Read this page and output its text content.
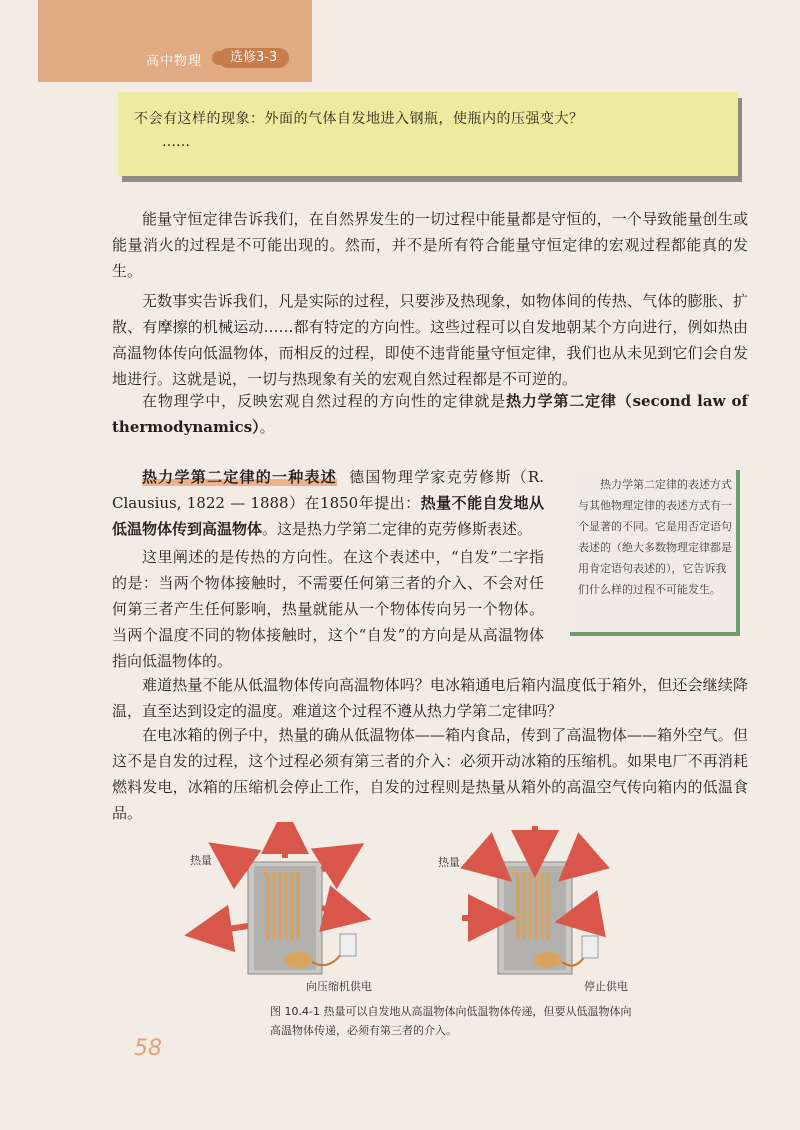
高中物理	选修3-3
不会有这样的现象：外面的气体自发地进入钢瓶，使瓶内的压强变大？
……

能量守恒定律告诉我们，在自然界发生的一切过程中能量都是守恒的，一个导致能量创生或能量消火的过程是不可能出现的。然而，并不是所有符合能量守恒定律的宏观过程都能真的发生。

无数事实告诉我们，凡是实际的过程，只要涉及热现象，如物体间的传热、气体的膨胀、扩散、有摩擦的机械运动……都有特定的方向性。这些过程可以自发地朝某个方向进行，例如热由高温物体传向低温物体，而相反的过程，即使不违背能量守恒定律，我们也从未见到它们会自发地进行。这就是说，一切与热现象有关的宏观自然过程都是不可逆的。

在物理学中，反映宏观自然过程的方向性的定律就是热力学第二定律（second law of thermodynamics）。

热力学第二定律的一种表述 德国物理学家克劳修斯（R. Clausius, 1822 — 1888）在1850年提出：热量不能自发地从低温物体传到高温物体。这是热力学第二定律的克劳修斯表述。

这里阐述的是传热的方向性。在这个表述中，“自发”二字指的是：当两个物体接触时，不需要任何第三者的介入、不会对任何第三者产生任何影响，热量就能从一个物体传向另一个物体。当两个温度不同的物体接触时，这个“自发”的方向是从高温物体指向低温物体的。

热力学第二定律的表述方式与其他物理定律的表述方式有一个显著的不同。它是用否定语句表述的（绝大多数物理定律都是用肯定语句表述的），它告诉我们什么样的过程不可能发生。

难道热量不能从低温物体传向高温物体吗？电冰箱通电后箱内温度低于箱外，但还会继续降温，直至达到设定的温度。难道这个过程不遵从热力学第二定律吗？

在电冰箱的例子中，热量的确从低温物体——箱内食品，传到了高温物体——箱外空气。但这不是自发的过程，这个过程必须有第三者的介入：必须开动冰箱的压缩机。如果电厂不再消耗燃料发电，冰箱的压缩机会停止工作，自发的过程则是热量从箱外的高温空气传向箱内的低温食品。

热量	热量
向压缩机供电	停止供电
图 10.4-1 热量可以自发地从高温物体向低温物体传递，但要从低温物体向高温物体传递，必须有第三者的介入。
58
